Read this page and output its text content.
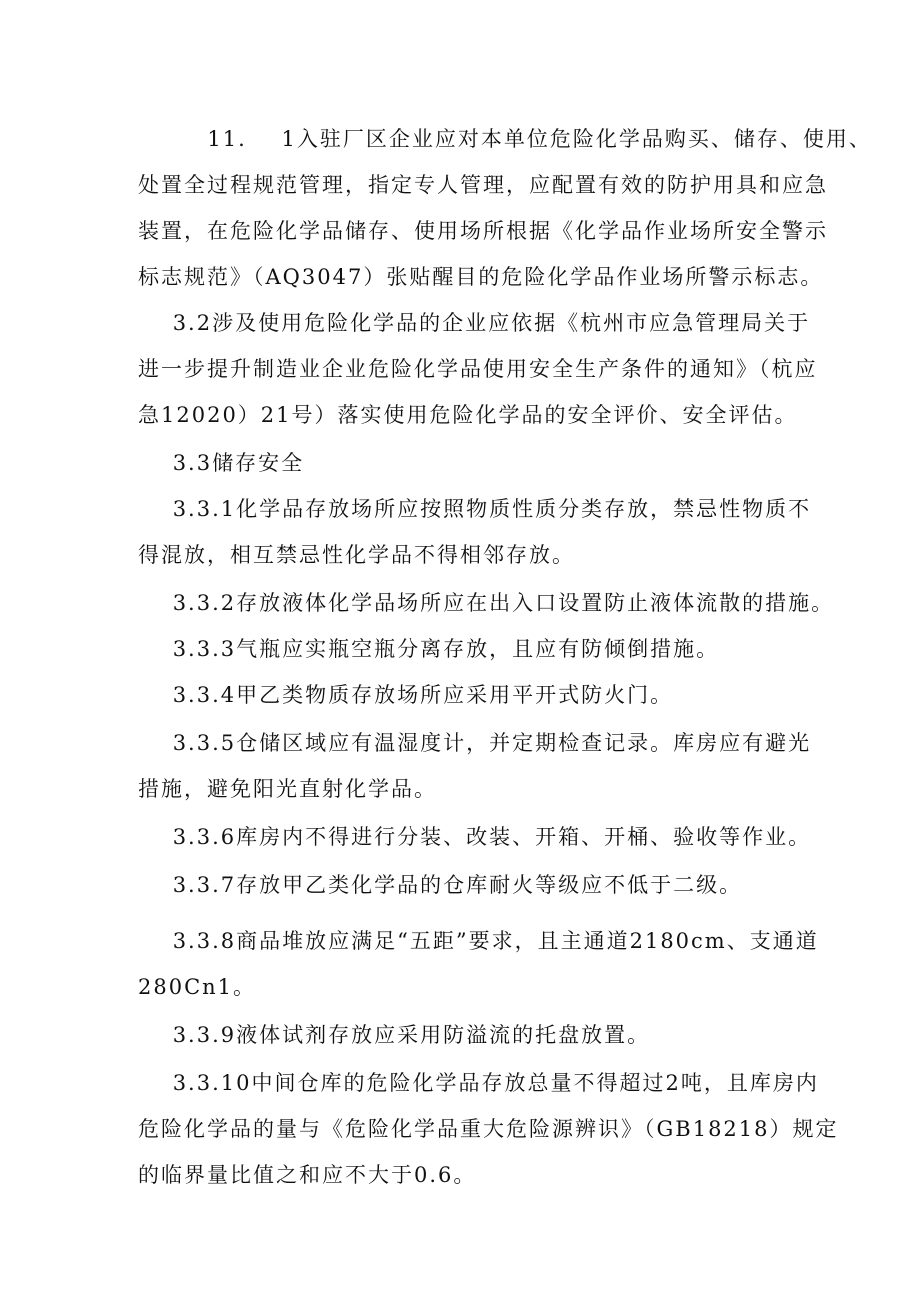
11.    1入驻厂区企业应对本单位危险化学品购买、储存、使用、
处置全过程规范管理，指定专人管理，应配置有效的防护用具和应急
装置，在危险化学品储存、使用场所根据《化学品作业场所安全警示
标志规范》（AQ3047）张贴醒目的危险化学品作业场所警示标志。
3.2涉及使用危险化学品的企业应依据《杭州市应急管理局关于
进一步提升制造业企业危险化学品使用安全生产条件的通知》（杭应
急12020）21号）落实使用危险化学品的安全评价、安全评估。
3.3储存安全
3.3.1化学品存放场所应按照物质性质分类存放，禁忌性物质不
得混放，相互禁忌性化学品不得相邻存放。
3.3.2存放液体化学品场所应在出入口设置防止液体流散的措施。
3.3.3气瓶应实瓶空瓶分离存放，且应有防倾倒措施。
3.3.4甲乙类物质存放场所应采用平开式防火门。
3.3.5仓储区域应有温湿度计，并定期检查记录。库房应有避光
措施，避免阳光直射化学品。
3.3.6库房内不得进行分装、改装、开箱、开桶、验收等作业。
3.3.7存放甲乙类化学品的仓库耐火等级应不低于二级。
3.3.8商品堆放应满足“五距”要求，且主通道2180cm、支通道
280Cn1。
3.3.9液体试剂存放应采用防溢流的托盘放置。
3.3.10中间仓库的危险化学品存放总量不得超过2吨，且库房内
危险化学品的量与《危险化学品重大危险源辨识》（GB18218）规定
的临界量比值之和应不大于0.6。
